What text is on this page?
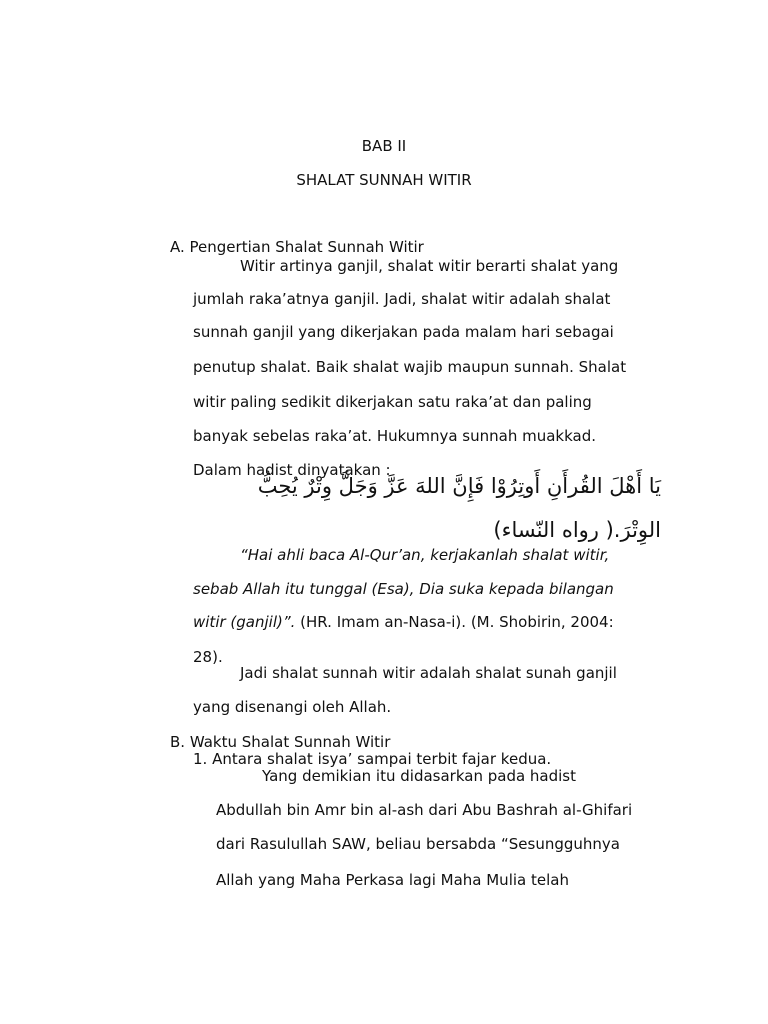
BAB II
SHALAT SUNNAH WITIR
A. Pengertian Shalat Sunnah Witir
Witir artinya ganjil, shalat witir berarti shalat yang
jumlah raka’atnya ganjil. Jadi, shalat witir adalah shalat
sunnah ganjil yang dikerjakan pada malam hari sebagai
penutup shalat. Baik shalat wajib maupun sunnah. Shalat
witir paling sedikit dikerjakan satu raka’at dan paling
banyak sebelas raka’at. Hukumnya sunnah muakkad.
Dalam hadist dinyatakan :
يَا أَهْلَ القُرأَنِ أَوتِرُوْا فَإِنَّ اللهَ عَزَّ وَجَلَّ وِتْرٌ يُحِبُّ
الوِتْرَ.( رواه النّساء)
“Hai ahli baca Al-Qur’an, kerjakanlah shalat witir,
sebab Allah itu tunggal (Esa), Dia suka kepada bilangan
witir (ganjil)”. (HR. Imam an-Nasa-i). (M. Shobirin, 2004:
28).
Jadi shalat sunnah witir adalah shalat sunah ganjil
yang disenangi oleh Allah.
B. Waktu Shalat Sunnah Witir
1. Antara shalat isya’ sampai terbit fajar kedua.
Yang demikian itu didasarkan pada hadist
Abdullah bin Amr bin al-ash dari Abu Bashrah al-Ghifari
dari Rasulullah SAW, beliau bersabda “Sesungguhnya
Allah yang Maha Perkasa lagi Maha Mulia telah
